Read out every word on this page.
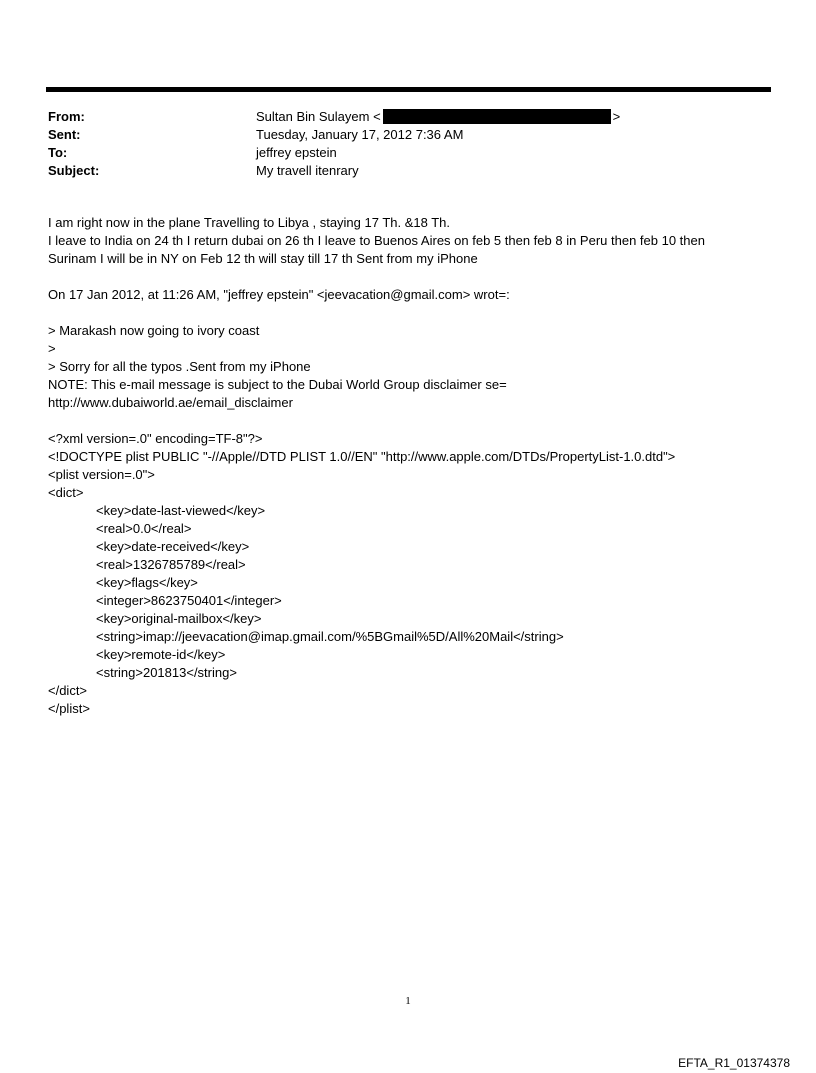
From:	Sultan Bin Sulayem <	>
Sent:	Tuesday, January 17, 2012 7:36 AM
To:	jeffrey epstein
Subject:	My travell itenrary
I am right now in the plane Travelling to Libya , staying 17 Th. &18 Th.
I leave to India on 24 th I return dubai on 26 th I leave to Buenos Aires on feb 5 then feb 8 in Peru then feb 10 then
Surinam I will be in NY on Feb 12 th will stay till 17 th Sent from my iPhone
On 17 Jan 2012, at 11:26 AM, "jeffrey epstein" <jeevacation@gmail.com> wrot=:
> Marakash now going to ivory coast
>
> Sorry for all the typos .Sent from my iPhone
NOTE: This e-mail message is subject to the Dubai World Group disclaimer se=
http://www.dubaiworld.ae/email_disclaimer
<?xml version=.0" encoding=TF-8"?>
<!DOCTYPE plist PUBLIC "-//Apple//DTD PLIST 1.0//EN" "http://www.apple.com/DTDs/PropertyList-1.0.dtd">
<plist version=.0">
<dict>
<key>date-last-viewed</key>
<real>0.0</real>
<key>date-received</key>
<real>1326785789</real>
<key>flags</key>
<integer>8623750401</integer>
<key>original-mailbox</key>
<string>imap://jeevacation@imap.gmail.com/%5BGmail%5D/All%20Mail</string>
<key>remote-id</key>
<string>201813</string>
</dict>
</plist>
1
EFTA_R1_01374378
